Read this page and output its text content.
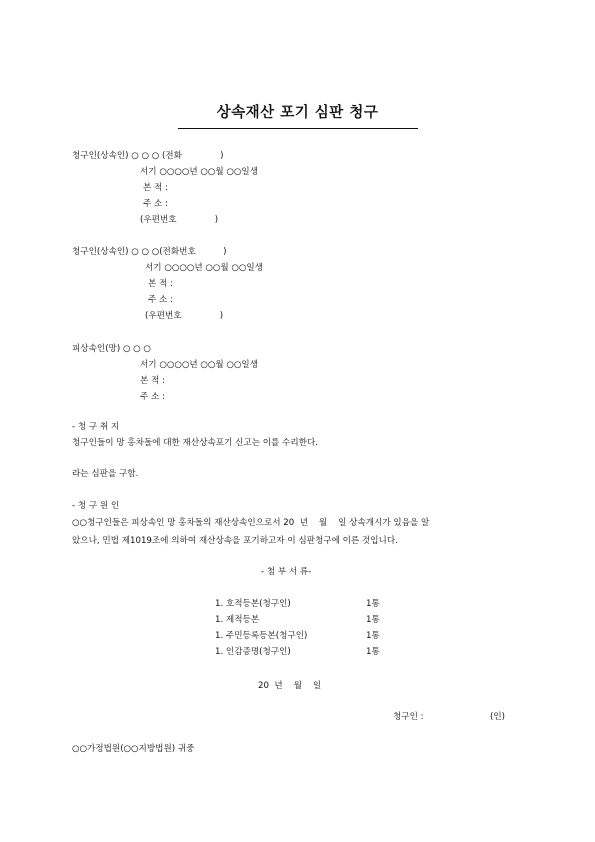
상속재산 포기 심판 청구
청구인(상속인) ○ ○ ○ (전화              )
서기 ○○○○년 ○○월 ○○일생
본 적 :
주 소 :
(우편번호              )
청구인(상속인) ○ ○ ○(전화번호          )
서기 ○○○○년 ○○월 ○○일생
본 적 :
주 소 :
(우편번호              )
피상속인(망) ○ ○ ○
서기 ○○○○년 ○○월 ○○일생
본 적 :
주 소 :
- 청 구 취 지
청구인들이 망 홍차돌에 대한 재산상속포기 신고는 이를 수리한다.
라는 심판을 구함.
- 청 구 원 인
○○청구인들은 피상속인 망 홍차돌의 재산상속인으로서 20  년    월    일 상속개시가 있음을 알
았으나, 민법 제1019조에 의하여 재산상속을 포기하고자 이 심판청구에 이른 것입니다.
- 첨 부 서 류-
1. 호적등본(청구인)	1통
1. 제적등본	1통
1. 주민등록등본(청구인)	1통
1. 인감증명(청구인)	1통
20  년    월    일
청구인 :	(인)
○○가정법원(○○지방법원) 귀중
